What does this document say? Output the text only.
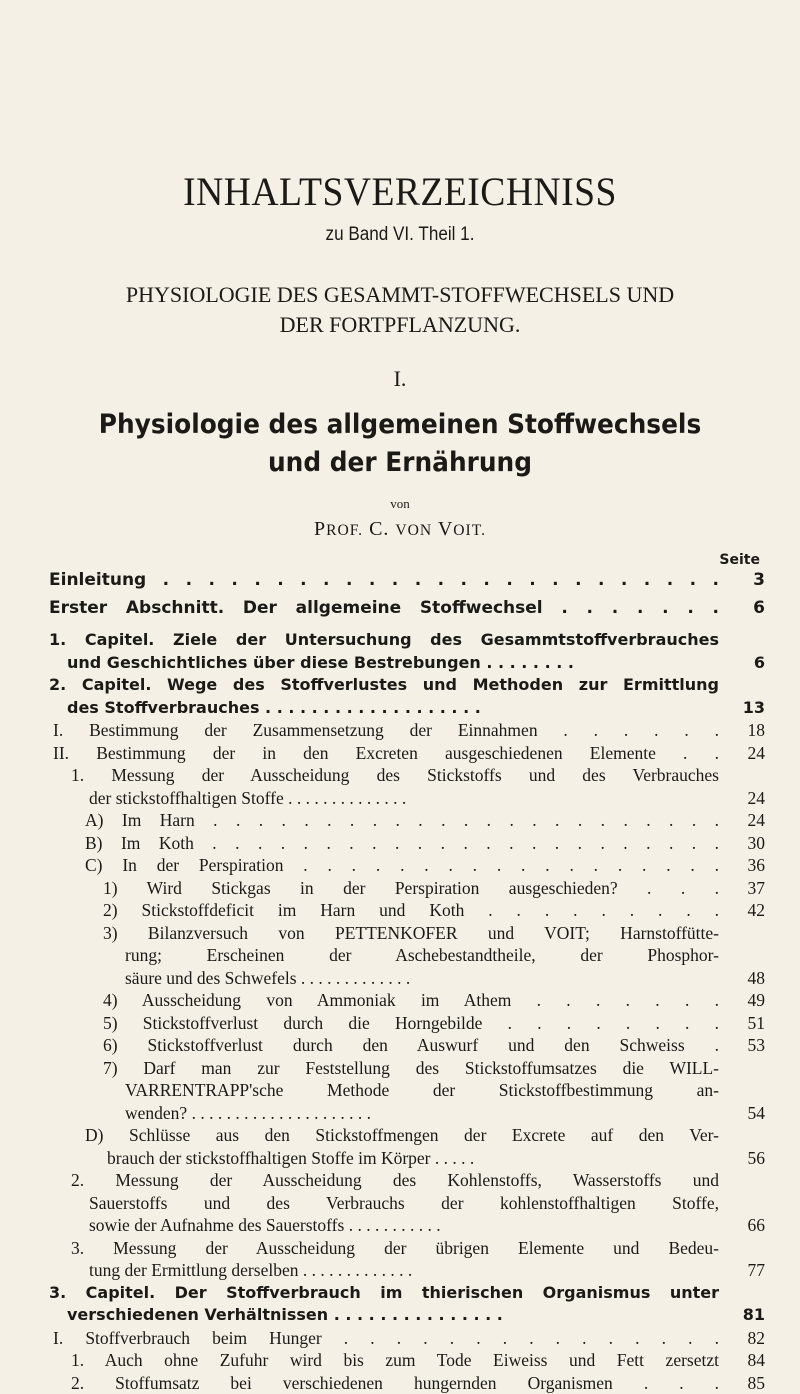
INHALTSVERZEICHNISS
zu Band VI. Theil 1.
PHYSIOLOGIE DES GESAMMT-STOFFWECHSELS UND
DER FORTPFLANZUNG.
I.
Physiologie des allgemeinen Stoffwechsels
und der Ernährung
von
PROF. C. VON VOIT.
Seite
Einleitung . . . . . . . . . . . . . . . . . . . . . . . . .	3
Erster Abschnitt. Der allgemeine Stoffwechsel . . . . . . .	6
1. Capitel. Ziele der Untersuchung des Gesammtstoffverbrauches
und Geschichtliches über diese Bestrebungen . . . . . . . .	6
2. Capitel. Wege des Stoffverlustes und Methoden zur Ermittlung
des Stoffverbrauches . . . . . . . . . . . . . . . . . . .	13
I. Bestimmung der Zusammensetzung der Einnahmen . . . . . .	18
II. Bestimmung der in den Excreten ausgeschiedenen Elemente . .	24
1. Messung der Ausscheidung des Stickstoffs und des Verbrauches
der stickstoffhaltigen Stoffe . . . . . . . . . . . . . .	24
A) Im Harn . . . . . . . . . . . . . . . . . . . . . . .	24
B) Im Koth . . . . . . . . . . . . . . . . . . . . . . .	30
C) In der Perspiration . . . . . . . . . . . . . . . . . .	36
1) Wird Stickgas in der Perspiration ausgeschieden? . . .	37
2) Stickstoffdeficit im Harn und Koth . . . . . . . . .	42
3) Bilanzversuch von PETTENKOFER und VOIT; Harnstoffütte-
rung; Erscheinen der Aschebestandtheile, der Phosphor-
säure und des Schwefels . . . . . . . . . . . . .	48
4) Ausscheidung von Ammoniak im Athem . . . . . . .	49
5) Stickstoffverlust durch die Horngebilde . . . . . . . .	51
6) Stickstoffverlust durch den Auswurf und den Schweiss .	53
7) Darf man zur Feststellung des Stickstoffumsatzes die WILL-
VARRENTRAPP'sche Methode der Stickstoffbestimmung an-
wenden? . . . . . . . . . . . . . . . . . . . . .	54
D) Schlüsse aus den Stickstoffmengen der Excrete auf den Ver-
brauch der stickstoffhaltigen Stoffe im Körper . . . . .	56
2. Messung der Ausscheidung des Kohlenstoffs, Wasserstoffs und
Sauerstoffs und des Verbrauchs der kohlenstoffhaltigen Stoffe,
sowie der Aufnahme des Sauerstoffs . . . . . . . . . . .	66
3. Messung der Ausscheidung der übrigen Elemente und Bedeu-
tung der Ermittlung derselben . . . . . . . . . . . . .	77
3. Capitel. Der Stoffverbrauch im thierischen Organismus unter
verschiedenen Verhältnissen . . . . . . . . . . . . . . .	81
I. Stoffverbrauch beim Hunger . . . . . . . . . . . . . . .	82
1. Auch ohne Zufuhr wird bis zum Tode Eiweiss und Fett zersetzt	84
2. Stoffumsatz bei verschiedenen hungernden Organismen . . .	85
